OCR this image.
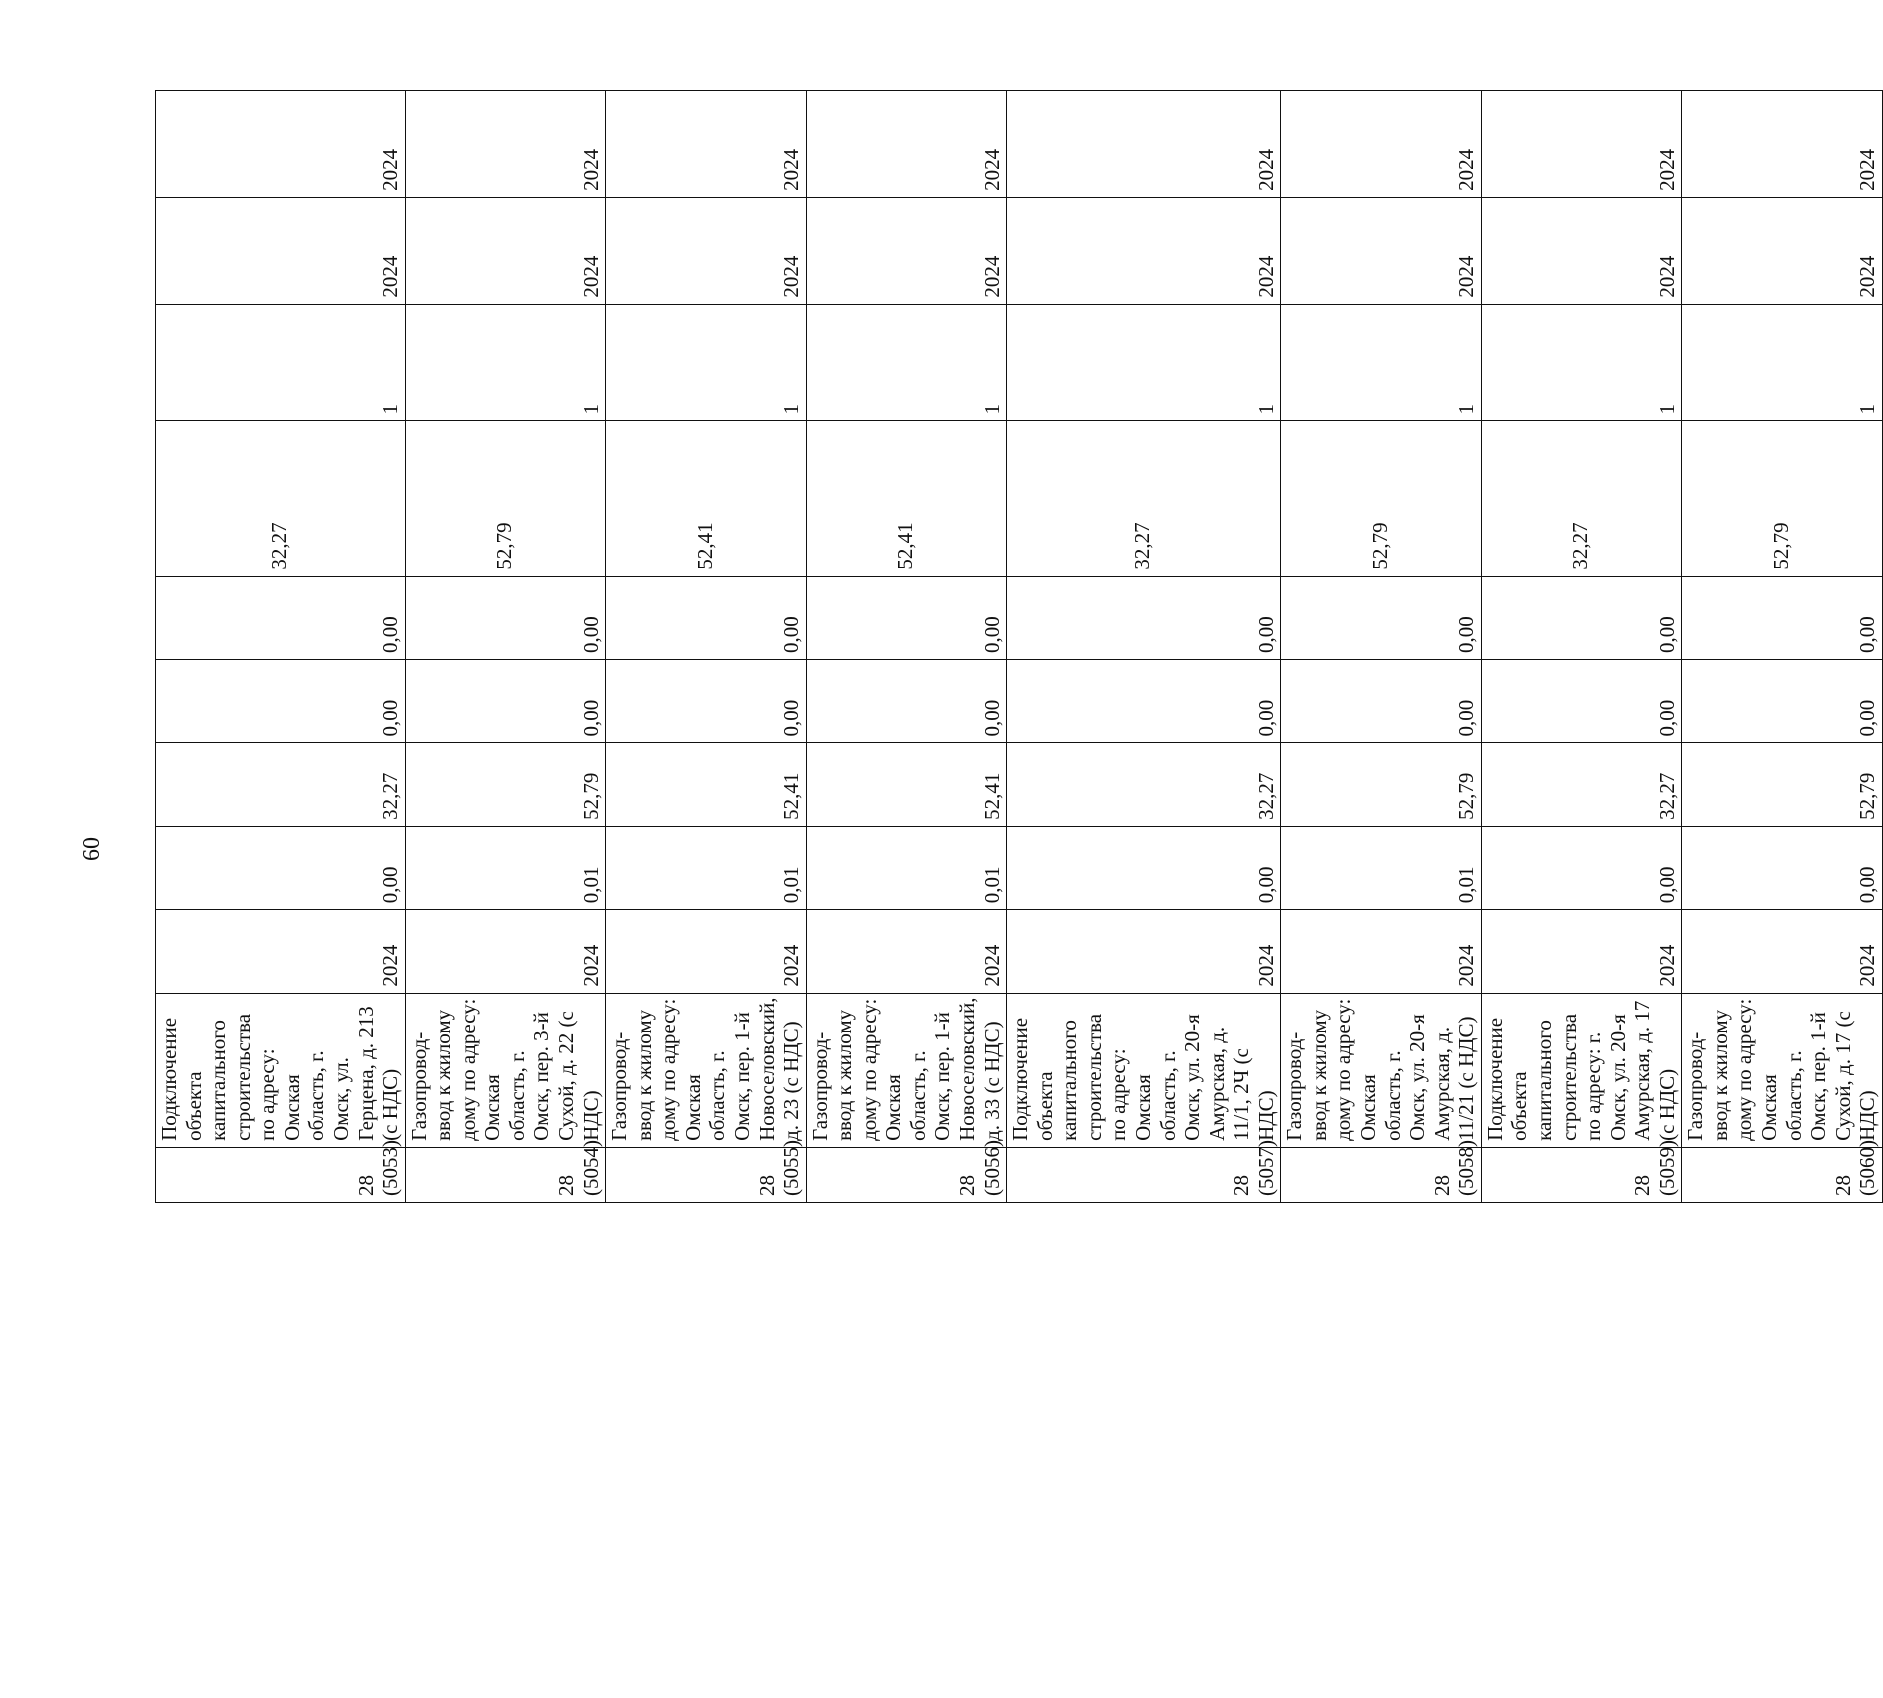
60
28 (5053)	Подключение объекта капитального строительства по адресу: Омская область, г. Омск, ул. Герцена, д. 213 (с НДС)	2024	0,00	32,27	0,00	0,00	32,27	1	2024	2024

28 (5054)	Газопровод-ввод к жилому дому по адресу: Омская область, г. Омск, пер. 3-й Сухой, д. 22 (с НДС)	2024	0,01	52,79	0,00	0,00	52,79	1	2024	2024

28 (5055)	Газопровод-ввод к жилому дому по адресу: Омская область, г. Омск, пер. 1-й Новоселовский, д. 23 (с НДС)	2024	0,01	52,41	0,00	0,00	52,41	1	2024	2024

28 (5056)	Газопровод-ввод к жилому дому по адресу: Омская область, г. Омск, пер. 1-й Новоселовский, д. 33 (с НДС)	2024	0,01	52,41	0,00	0,00	52,41	1	2024	2024

28 (5057)	Подключение объекта капитального строительства по адресу: Омская область, г. Омск, ул. 20-я Амурская, д. 11/1, 2Ч (с НДС)	2024	0,00	32,27	0,00	0,00	32,27	1	2024	2024

28 (5058)	Газопровод-ввод к жилому дому по адресу: Омская область, г. Омск, ул. 20-я Амурская, д. 11/21 (с НДС)	2024	0,01	52,79	0,00	0,00	52,79	1	2024	2024

28 (5059)	Подключение объекта капитального строительства по адресу: г. Омск, ул. 20-я Амурская, д. 17 (с НДС)	2024	0,00	32,27	0,00	0,00	32,27	1	2024	2024

28 (5060)	Газопровод-ввод к жилому дому по адресу: Омская область, г. Омск, пер. 1-й Сухой, д. 17 (с НДС)	2024	0,00	52,79	0,00	0,00	52,79	1	2024	2024
